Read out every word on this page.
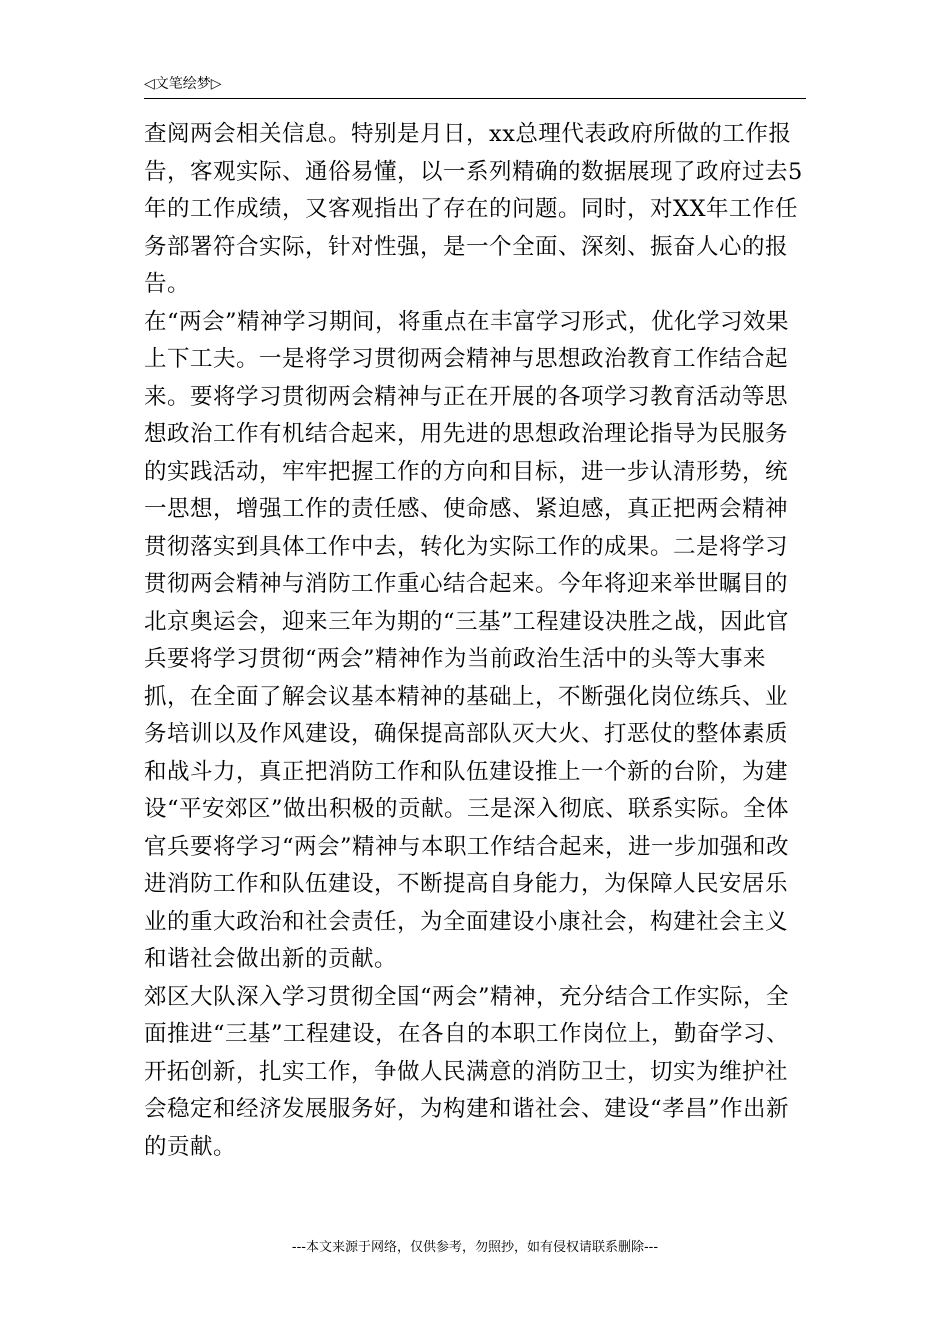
◁文笔绘梦▷

查阅两会相关信息。特别是月日，xx总理代表政府所做的工作报告，客观实际、通俗易懂，以一系列精确的数据展现了政府过去5年的工作成绩，又客观指出了存在的问题。同时，对XX年工作任务部署符合实际，针对性强，是一个全面、深刻、振奋人心的报告。

在“两会”精神学习期间，将重点在丰富学习形式，优化学习效果上下工夫。一是将学习贯彻两会精神与思想政治教育工作结合起来。要将学习贯彻两会精神与正在开展的各项学习教育活动等思想政治工作有机结合起来，用先进的思想政治理论指导为民服务的实践活动，牢牢把握工作的方向和目标，进一步认清形势，统一思想，增强工作的责任感、使命感、紧迫感，真正把两会精神贯彻落实到具体工作中去，转化为实际工作的成果。二是将学习贯彻两会精神与消防工作重心结合起来。今年将迎来举世瞩目的北京奥运会，迎来三年为期的“三基”工程建设决胜之战，因此官兵要将学习贯彻“两会”精神作为当前政治生活中的头等大事来抓，在全面了解会议基本精神的基础上，不断强化岗位练兵、业务培训以及作风建设，确保提高部队灭大火、打恶仗的整体素质和战斗力，真正把消防工作和队伍建设推上一个新的台阶，为建设“平安郊区”做出积极的贡献。三是深入彻底、联系实际。全体官兵要将学习“两会”精神与本职工作结合起来，进一步加强和改进消防工作和队伍建设，不断提高自身能力，为保障人民安居乐业的重大政治和社会责任，为全面建设小康社会，构建社会主义和谐社会做出新的贡献。

郊区大队深入学习贯彻全国“两会”精神，充分结合工作实际，全面推进“三基”工程建设，在各自的本职工作岗位上，勤奋学习、开拓创新，扎实工作，争做人民满意的消防卫士，切实为维护社会稳定和经济发展服务好，为构建和谐社会、建设“孝昌”作出新的贡献。

---本文来源于网络，仅供参考，勿照抄，如有侵权请联系删除---
